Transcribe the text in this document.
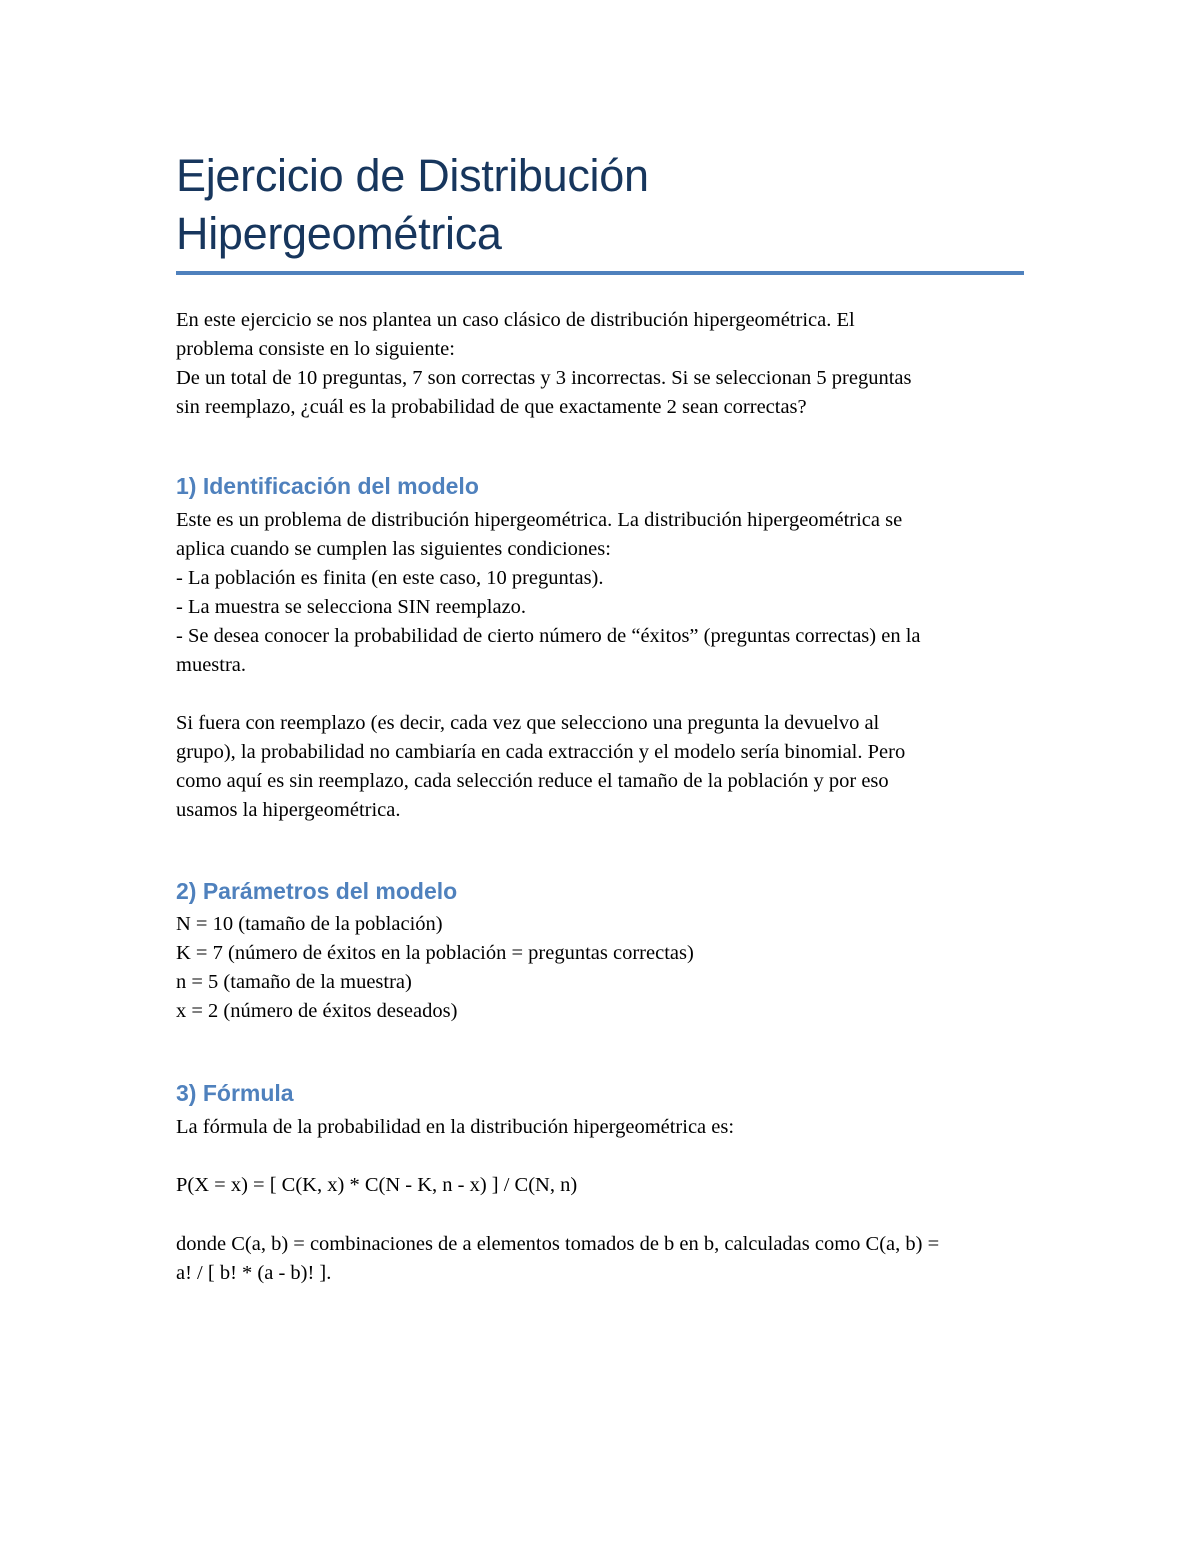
Ejercicio de Distribución
Hipergeométrica
En este ejercicio se nos plantea un caso clásico de distribución hipergeométrica. El
problema consiste en lo siguiente:
De un total de 10 preguntas, 7 son correctas y 3 incorrectas. Si se seleccionan 5 preguntas
sin reemplazo, ¿cuál es la probabilidad de que exactamente 2 sean correctas?
1) Identificación del modelo
Este es un problema de distribución hipergeométrica. La distribución hipergeométrica se
aplica cuando se cumplen las siguientes condiciones:
- La población es finita (en este caso, 10 preguntas).
- La muestra se selecciona SIN reemplazo.
- Se desea conocer la probabilidad de cierto número de “éxitos” (preguntas correctas) en la
muestra.
Si fuera con reemplazo (es decir, cada vez que selecciono una pregunta la devuelvo al
grupo), la probabilidad no cambiaría en cada extracción y el modelo sería binomial. Pero
como aquí es sin reemplazo, cada selección reduce el tamaño de la población y por eso
usamos la hipergeométrica.
2) Parámetros del modelo
N = 10 (tamaño de la población)
K = 7 (número de éxitos en la población = preguntas correctas)
n = 5 (tamaño de la muestra)
x = 2 (número de éxitos deseados)
3) Fórmula
La fórmula de la probabilidad en la distribución hipergeométrica es:
P(X = x) = [ C(K, x) * C(N - K, n - x) ] / C(N, n)
donde C(a, b) = combinaciones de a elementos tomados de b en b, calculadas como C(a, b) =
a! / [ b! * (a - b)! ].
